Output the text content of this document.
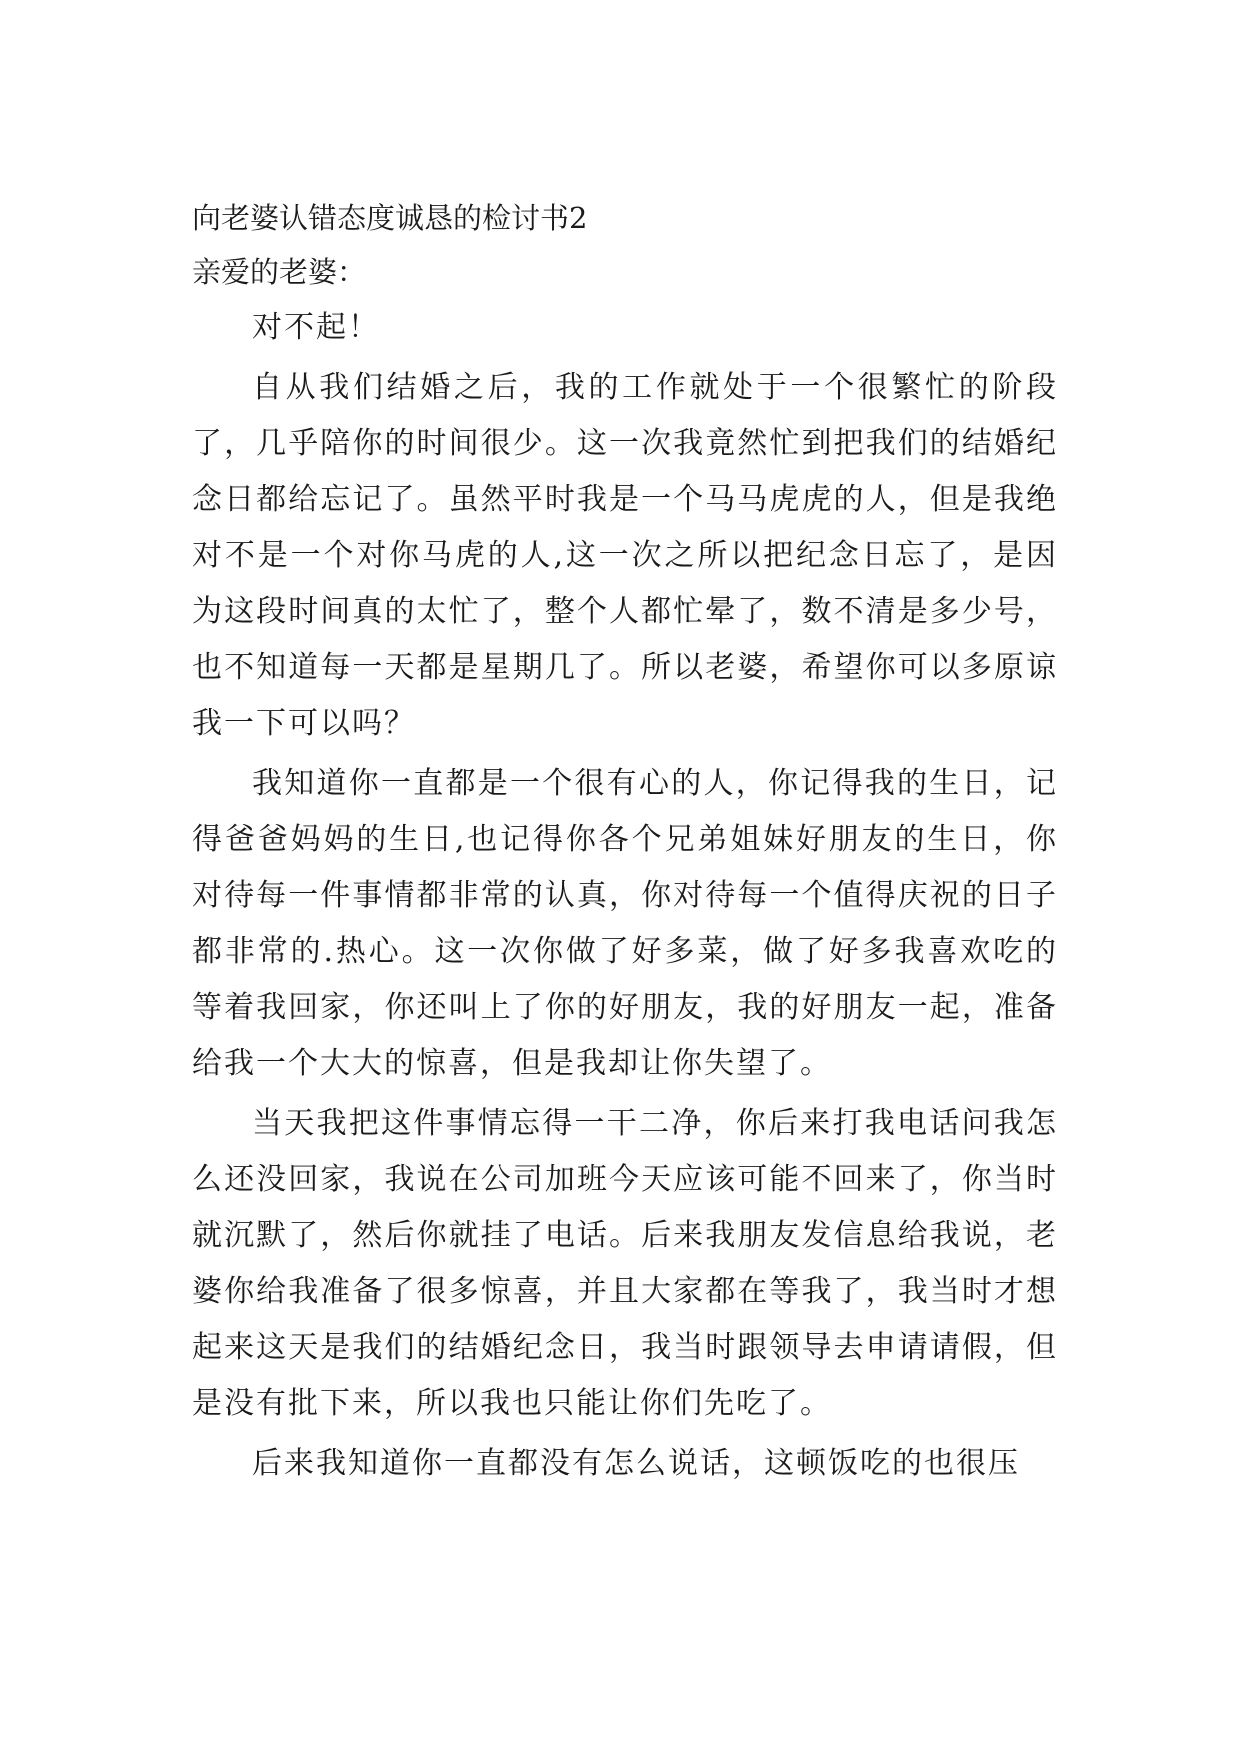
向老婆认错态度诚恳的检讨书2
亲爱的老婆：

对不起！

自从我们结婚之后，我的工作就处于一个很繁忙的阶段了，几乎陪你的时间很少。这一次我竟然忙到把我们的结婚纪念日都给忘记了。虽然平时我是一个马马虎虎的人，但是我绝对不是一个对你马虎的人,这一次之所以把纪念日忘了，是因为这段时间真的太忙了，整个人都忙晕了，数不清是多少号，也不知道每一天都是星期几了。所以老婆，希望你可以多原谅我一下可以吗？

我知道你一直都是一个很有心的人，你记得我的生日，记得爸爸妈妈的生日,也记得你各个兄弟姐妹好朋友的生日，你对待每一件事情都非常的认真，你对待每一个值得庆祝的日子都非常的.热心。这一次你做了好多菜，做了好多我喜欢吃的等着我回家，你还叫上了你的好朋友，我的好朋友一起，准备给我一个大大的惊喜，但是我却让你失望了。

当天我把这件事情忘得一干二净，你后来打我电话问我怎么还没回家，我说在公司加班今天应该可能不回来了，你当时就沉默了，然后你就挂了电话。后来我朋友发信息给我说，老婆你给我准备了很多惊喜，并且大家都在等我了，我当时才想起来这天是我们的结婚纪念日，我当时跟领导去申请请假，但是没有批下来，所以我也只能让你们先吃了。

后来我知道你一直都没有怎么说话，这顿饭吃的也很压
